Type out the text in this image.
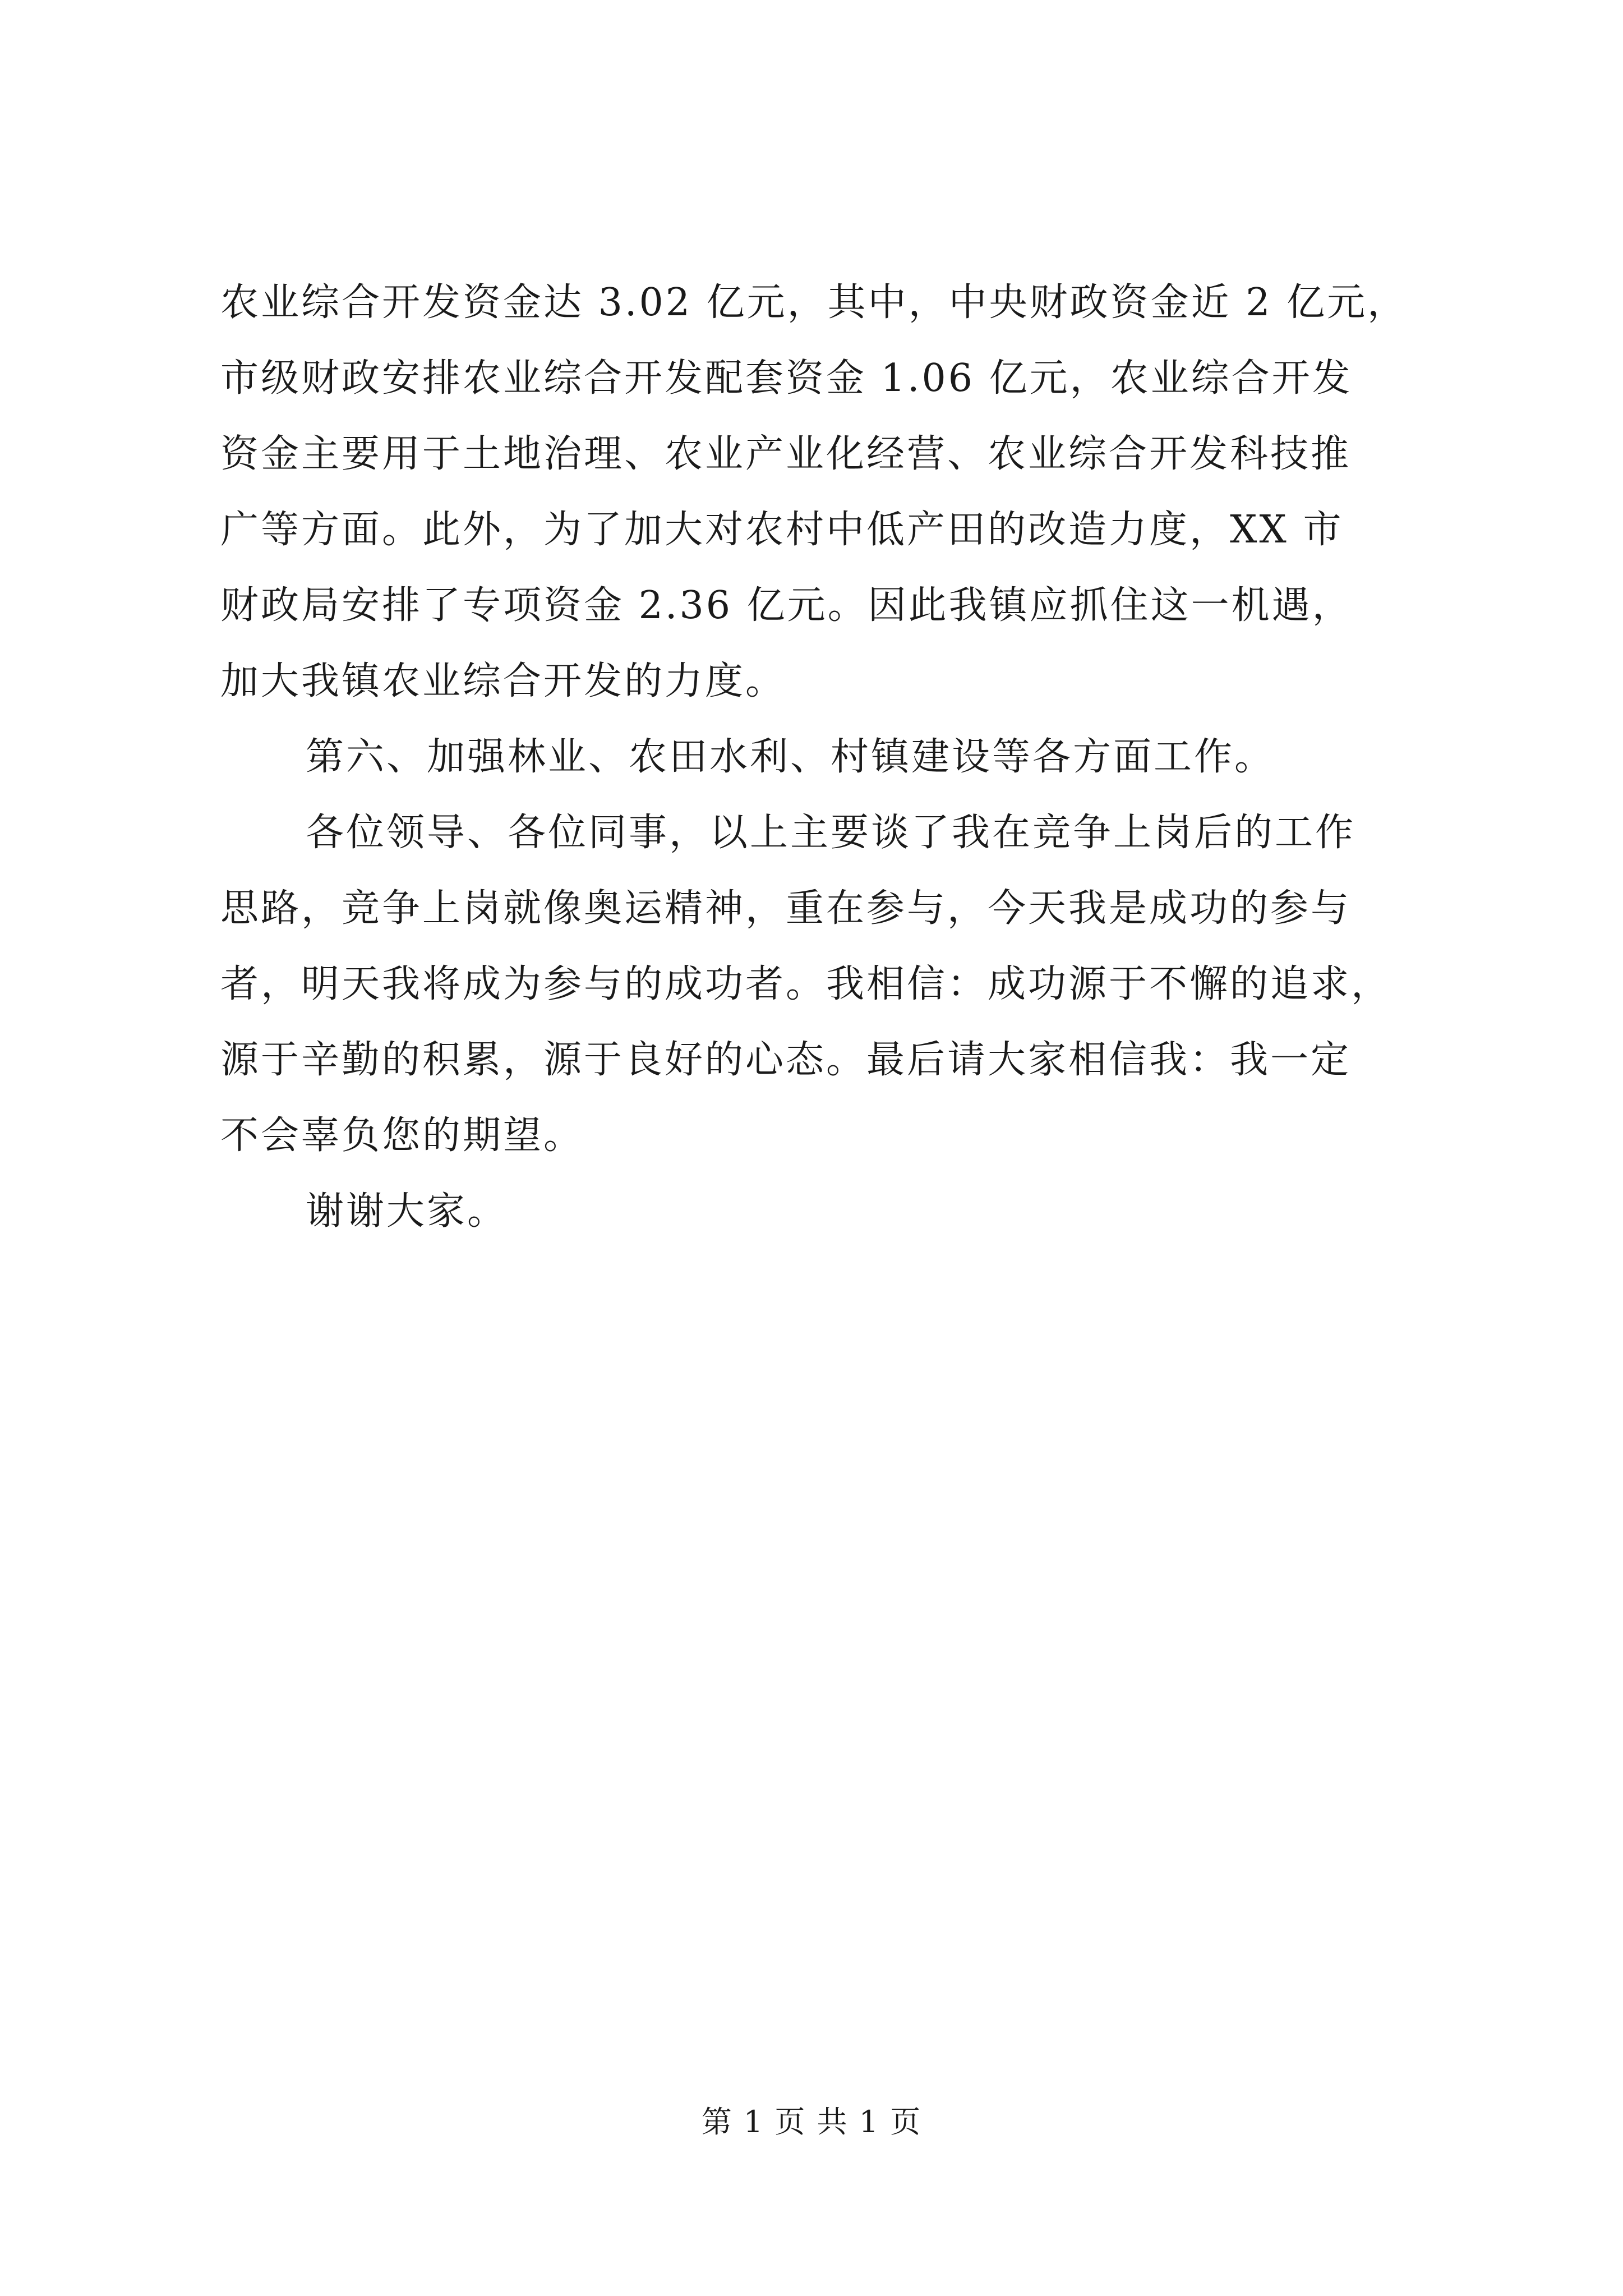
农业综合开发资金达 3.02 亿元，其中，中央财政资金近 2 亿元，
市级财政安排农业综合开发配套资金 1.06 亿元，农业综合开发
资金主要用于土地治理、农业产业化经营、农业综合开发科技推
广等方面。此外，为了加大对农村中低产田的改造力度，XX 市
财政局安排了专项资金 2.36 亿元。因此我镇应抓住这一机遇，
加大我镇农业综合开发的力度。
第六、加强林业、农田水利、村镇建设等各方面工作。
各位领导、各位同事，以上主要谈了我在竞争上岗后的工作
思路，竞争上岗就像奥运精神，重在参与，今天我是成功的参与
者，明天我将成为参与的成功者。我相信：成功源于不懈的追求，
源于辛勤的积累，源于良好的心态。最后请大家相信我：我一定
不会辜负您的期望。
谢谢大家。
第 1 页 共 1 页
